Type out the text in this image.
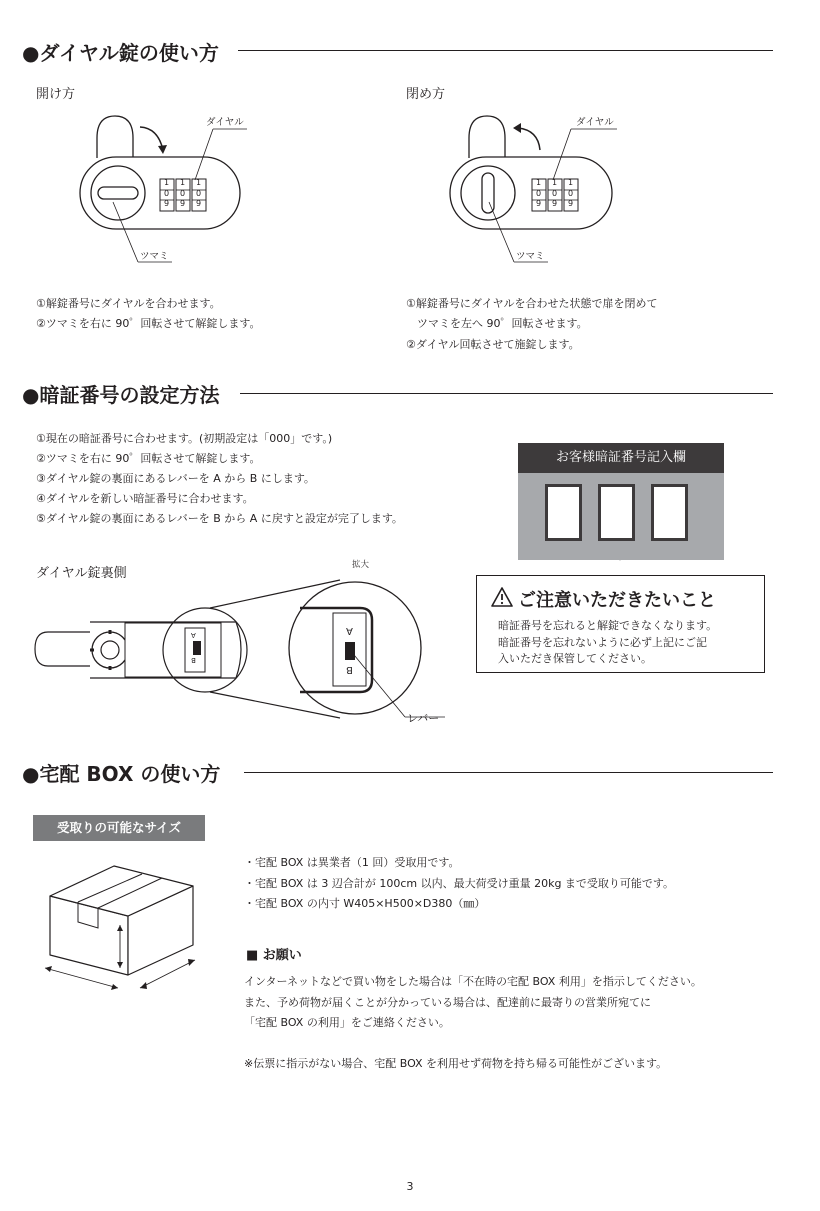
●ダイヤル錠の使い方
開け方	閉め方
1
0
9
1
0
9
1
0
9
1
0
9
1
0
9
1
0
9
ダイヤル
ツマミ
ダイヤル
ツマミ
①解錠番号にダイヤルを合わせます。
②ツマミを右に 90゜回転させて解錠します。
①解錠番号にダイヤルを合わせた状態で扉を閉めて
　ツマミを左へ 90゜回転させます。
②ダイヤル回転させて施錠します。
●暗証番号の設定方法
①現在の暗証番号に合わせます。(初期設定は「000」です。)
②ツマミを右に 90゜回転させて解錠します。
③ダイヤル錠の裏面にあるレバーを A から B にします。
④ダイヤルを新しい暗証番号に合わせます。
⑤ダイヤル錠の裏面にあるレバーを B から A に戻すと設定が完了します。
お客様暗証番号記入欄
ダイヤル錠裏側
拡大
A
B
A
B
レバー
ご注意いただきたいこと
暗証番号を忘れると解錠できなくなります。
暗証番号を忘れないように必ず上記にご記
入いただき保管してください。
●宅配 BOX の使い方
受取りの可能なサイズ
・宅配 BOX は異業者（1 回）受取用です。
・宅配 BOX は 3 辺合計が 100cm 以内、最大荷受け重量 20kg まで受取り可能です。
・宅配 BOX の内寸 W405×H500×D380（㎜）
■ お願い
インターネットなどで買い物をした場合は「不在時の宅配 BOX 利用」を指示してください。
また、予め荷物が届くことが分かっている場合は、配達前に最寄りの営業所宛てに
「宅配 BOX の利用」をご連絡ください。
※伝票に指示がない場合、宅配 BOX を利用せず荷物を持ち帰る可能性がございます。
3
